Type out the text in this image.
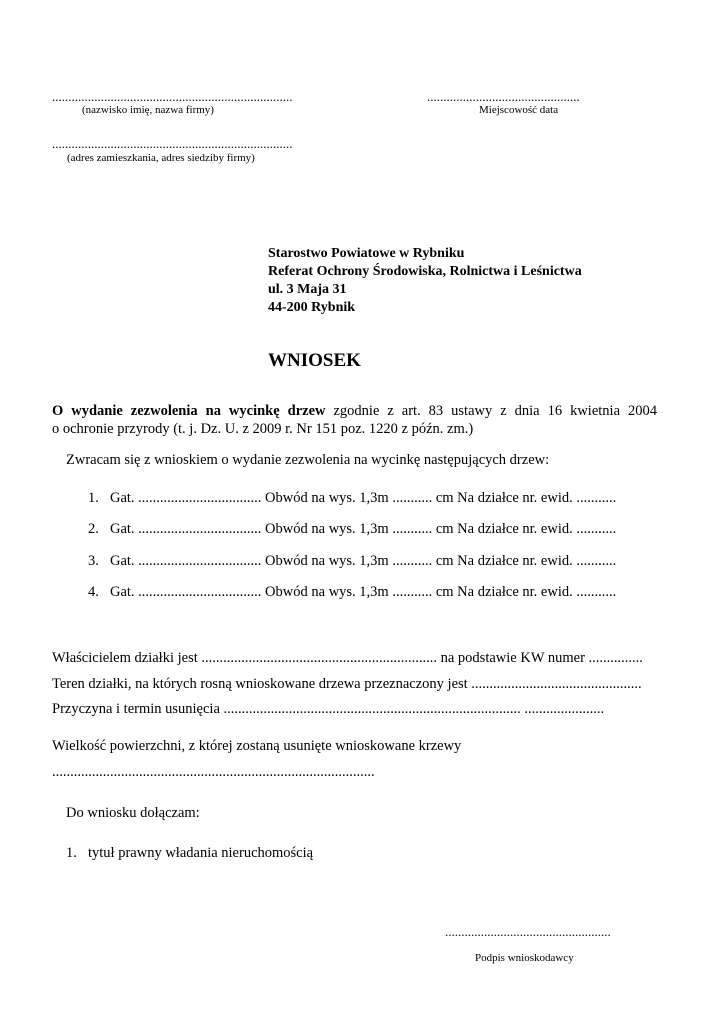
..........................................................................
(nazwisko imię, nazwa firmy)
...............................................
Miejscowość data
..........................................................................
(adres zamieszkania, adres siedziby firmy)
Starostwo Powiatowe w Rybniku
Referat Ochrony Środowiska, Rolnictwa i Leśnictwa
ul. 3 Maja 31
44-200 Rybnik
WNIOSEK
O wydanie zezwolenia na wycinkę drzew zgodnie z art. 83 ustawy z dnia 16 kwietnia 2004
o ochronie przyrody (t. j. Dz. U. z 2009 r. Nr 151 poz. 1220 z późn. zm.)
Zwracam się z wnioskiem o wydanie zezwolenia na wycinkę następujących drzew:
1. Gat. .................................. Obwód na wys. 1,3m ........... cm Na działce nr. ewid. ...........
2. Gat. .................................. Obwód na wys. 1,3m ........... cm Na działce nr. ewid. ...........
3. Gat. .................................. Obwód na wys. 1,3m ........... cm Na działce nr. ewid. ...........
4. Gat. .................................. Obwód na wys. 1,3m ........... cm Na działce nr. ewid. ...........
Właścicielem działki jest ................................................................. na podstawie KW numer ...............
Teren działki, na których rosną wnioskowane drzewa przeznaczony jest ...............................................
Przyczyna i termin usunięcia .................................................................................. ......................
Wielkość powierzchni, z której zostaną usunięte wnioskowane krzewy
.........................................................................................
Do wniosku dołączam:
1. tytuł prawny władania nieruchomością
...................................................
Podpis wnioskodawcy
